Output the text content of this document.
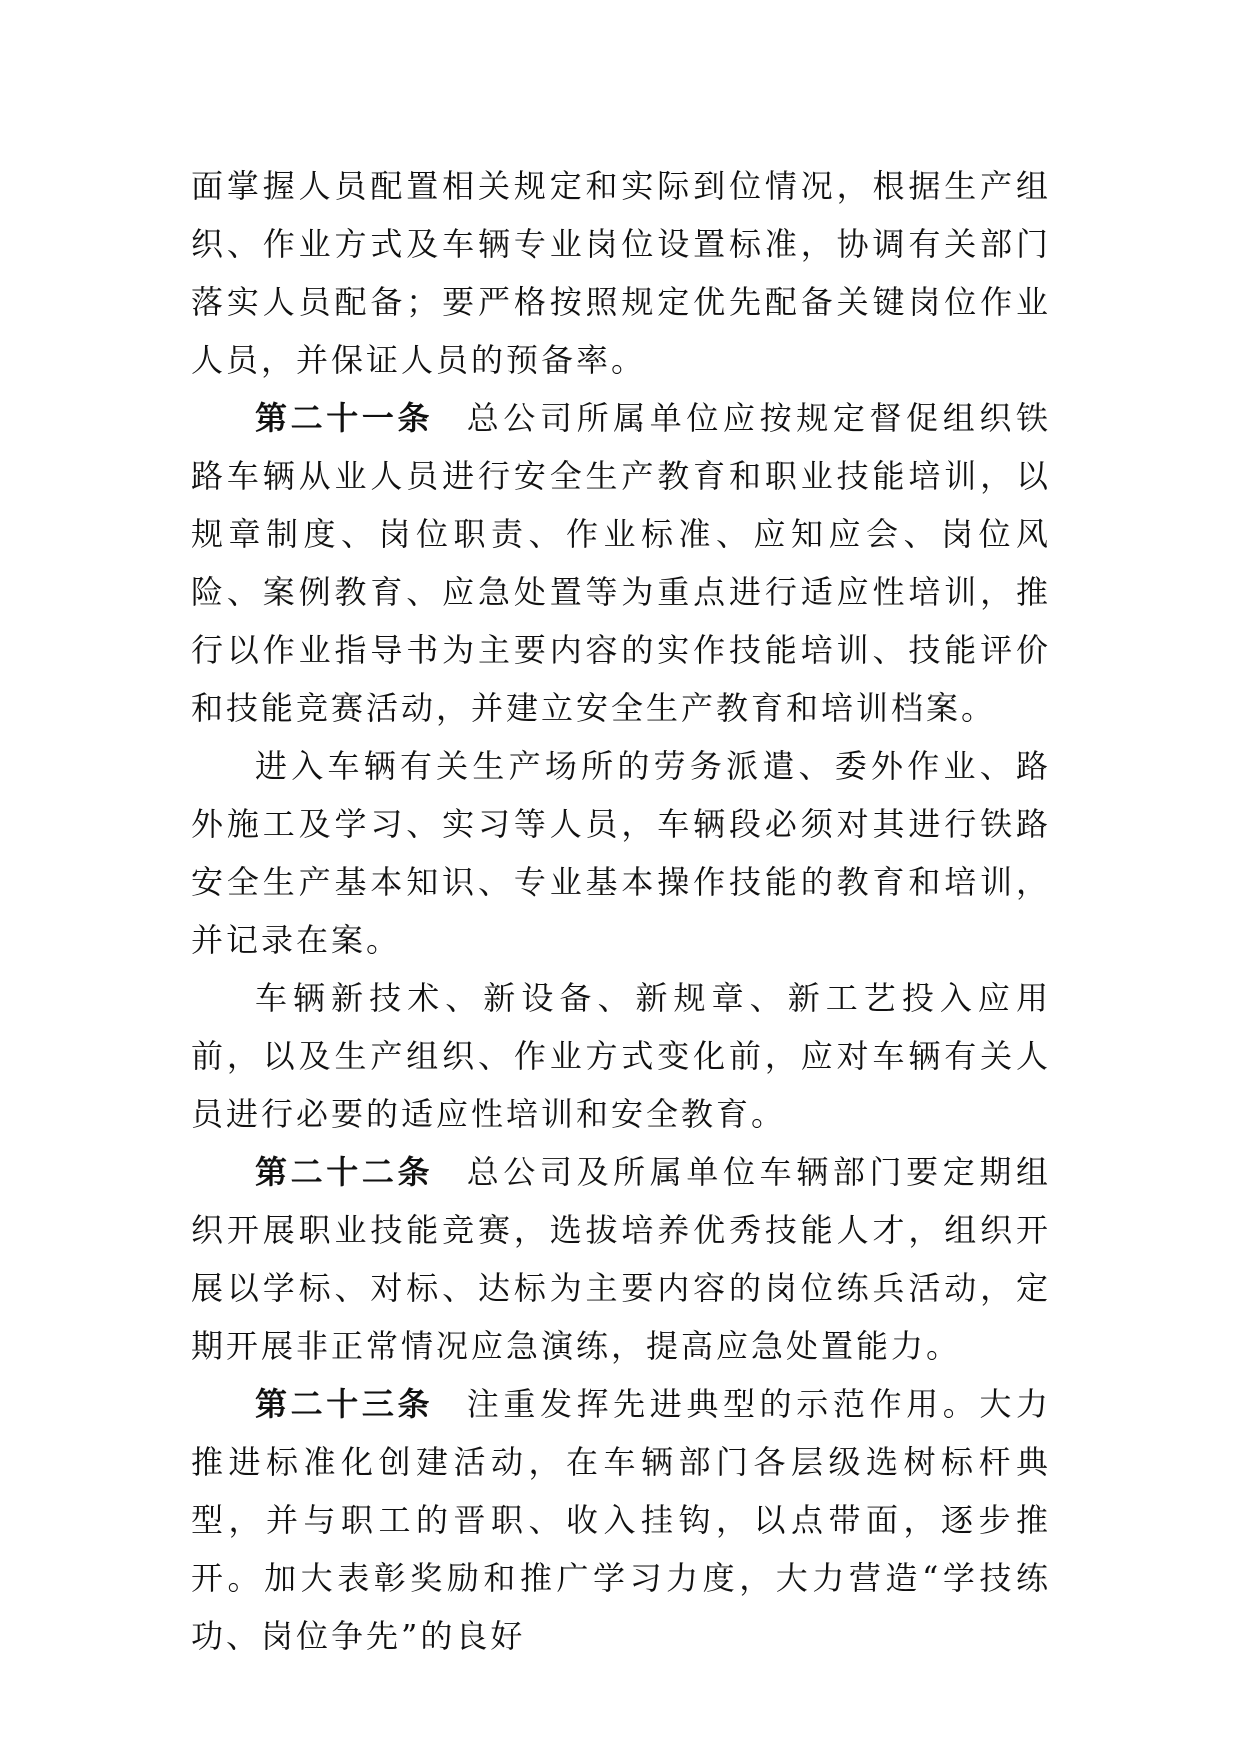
面掌握人员配置相关规定和实际到位情况，根据生产组织、作业方式及车辆专业岗位设置标准，协调有关部门落实人员配备；要严格按照规定优先配备关键岗位作业人员，并保证人员的预备率。

第二十一条 总公司所属单位应按规定督促组织铁路车辆从业人员进行安全生产教育和职业技能培训，以规章制度、岗位职责、作业标准、应知应会、岗位风险、案例教育、应急处置等为重点进行适应性培训，推行以作业指导书为主要内容的实作技能培训、技能评价和技能竞赛活动，并建立安全生产教育和培训档案。

进入车辆有关生产场所的劳务派遣、委外作业、路外施工及学习、实习等人员，车辆段必须对其进行铁路安全生产基本知识、专业基本操作技能的教育和培训，并记录在案。

车辆新技术、新设备、新规章、新工艺投入应用前，以及生产组织、作业方式变化前，应对车辆有关人员进行必要的适应性培训和安全教育。

第二十二条 总公司及所属单位车辆部门要定期组织开展职业技能竞赛，选拔培养优秀技能人才，组织开展以学标、对标、达标为主要内容的岗位练兵活动，定期开展非正常情况应急演练，提高应急处置能力。

第二十三条 注重发挥先进典型的示范作用。大力推进标准化创建活动，在车辆部门各层级选树标杆典型，并与职工的晋职、收入挂钩，以点带面，逐步推开。加大表彰奖励和推广学习力度，大力营造“学技练功、岗位争先”的良好
